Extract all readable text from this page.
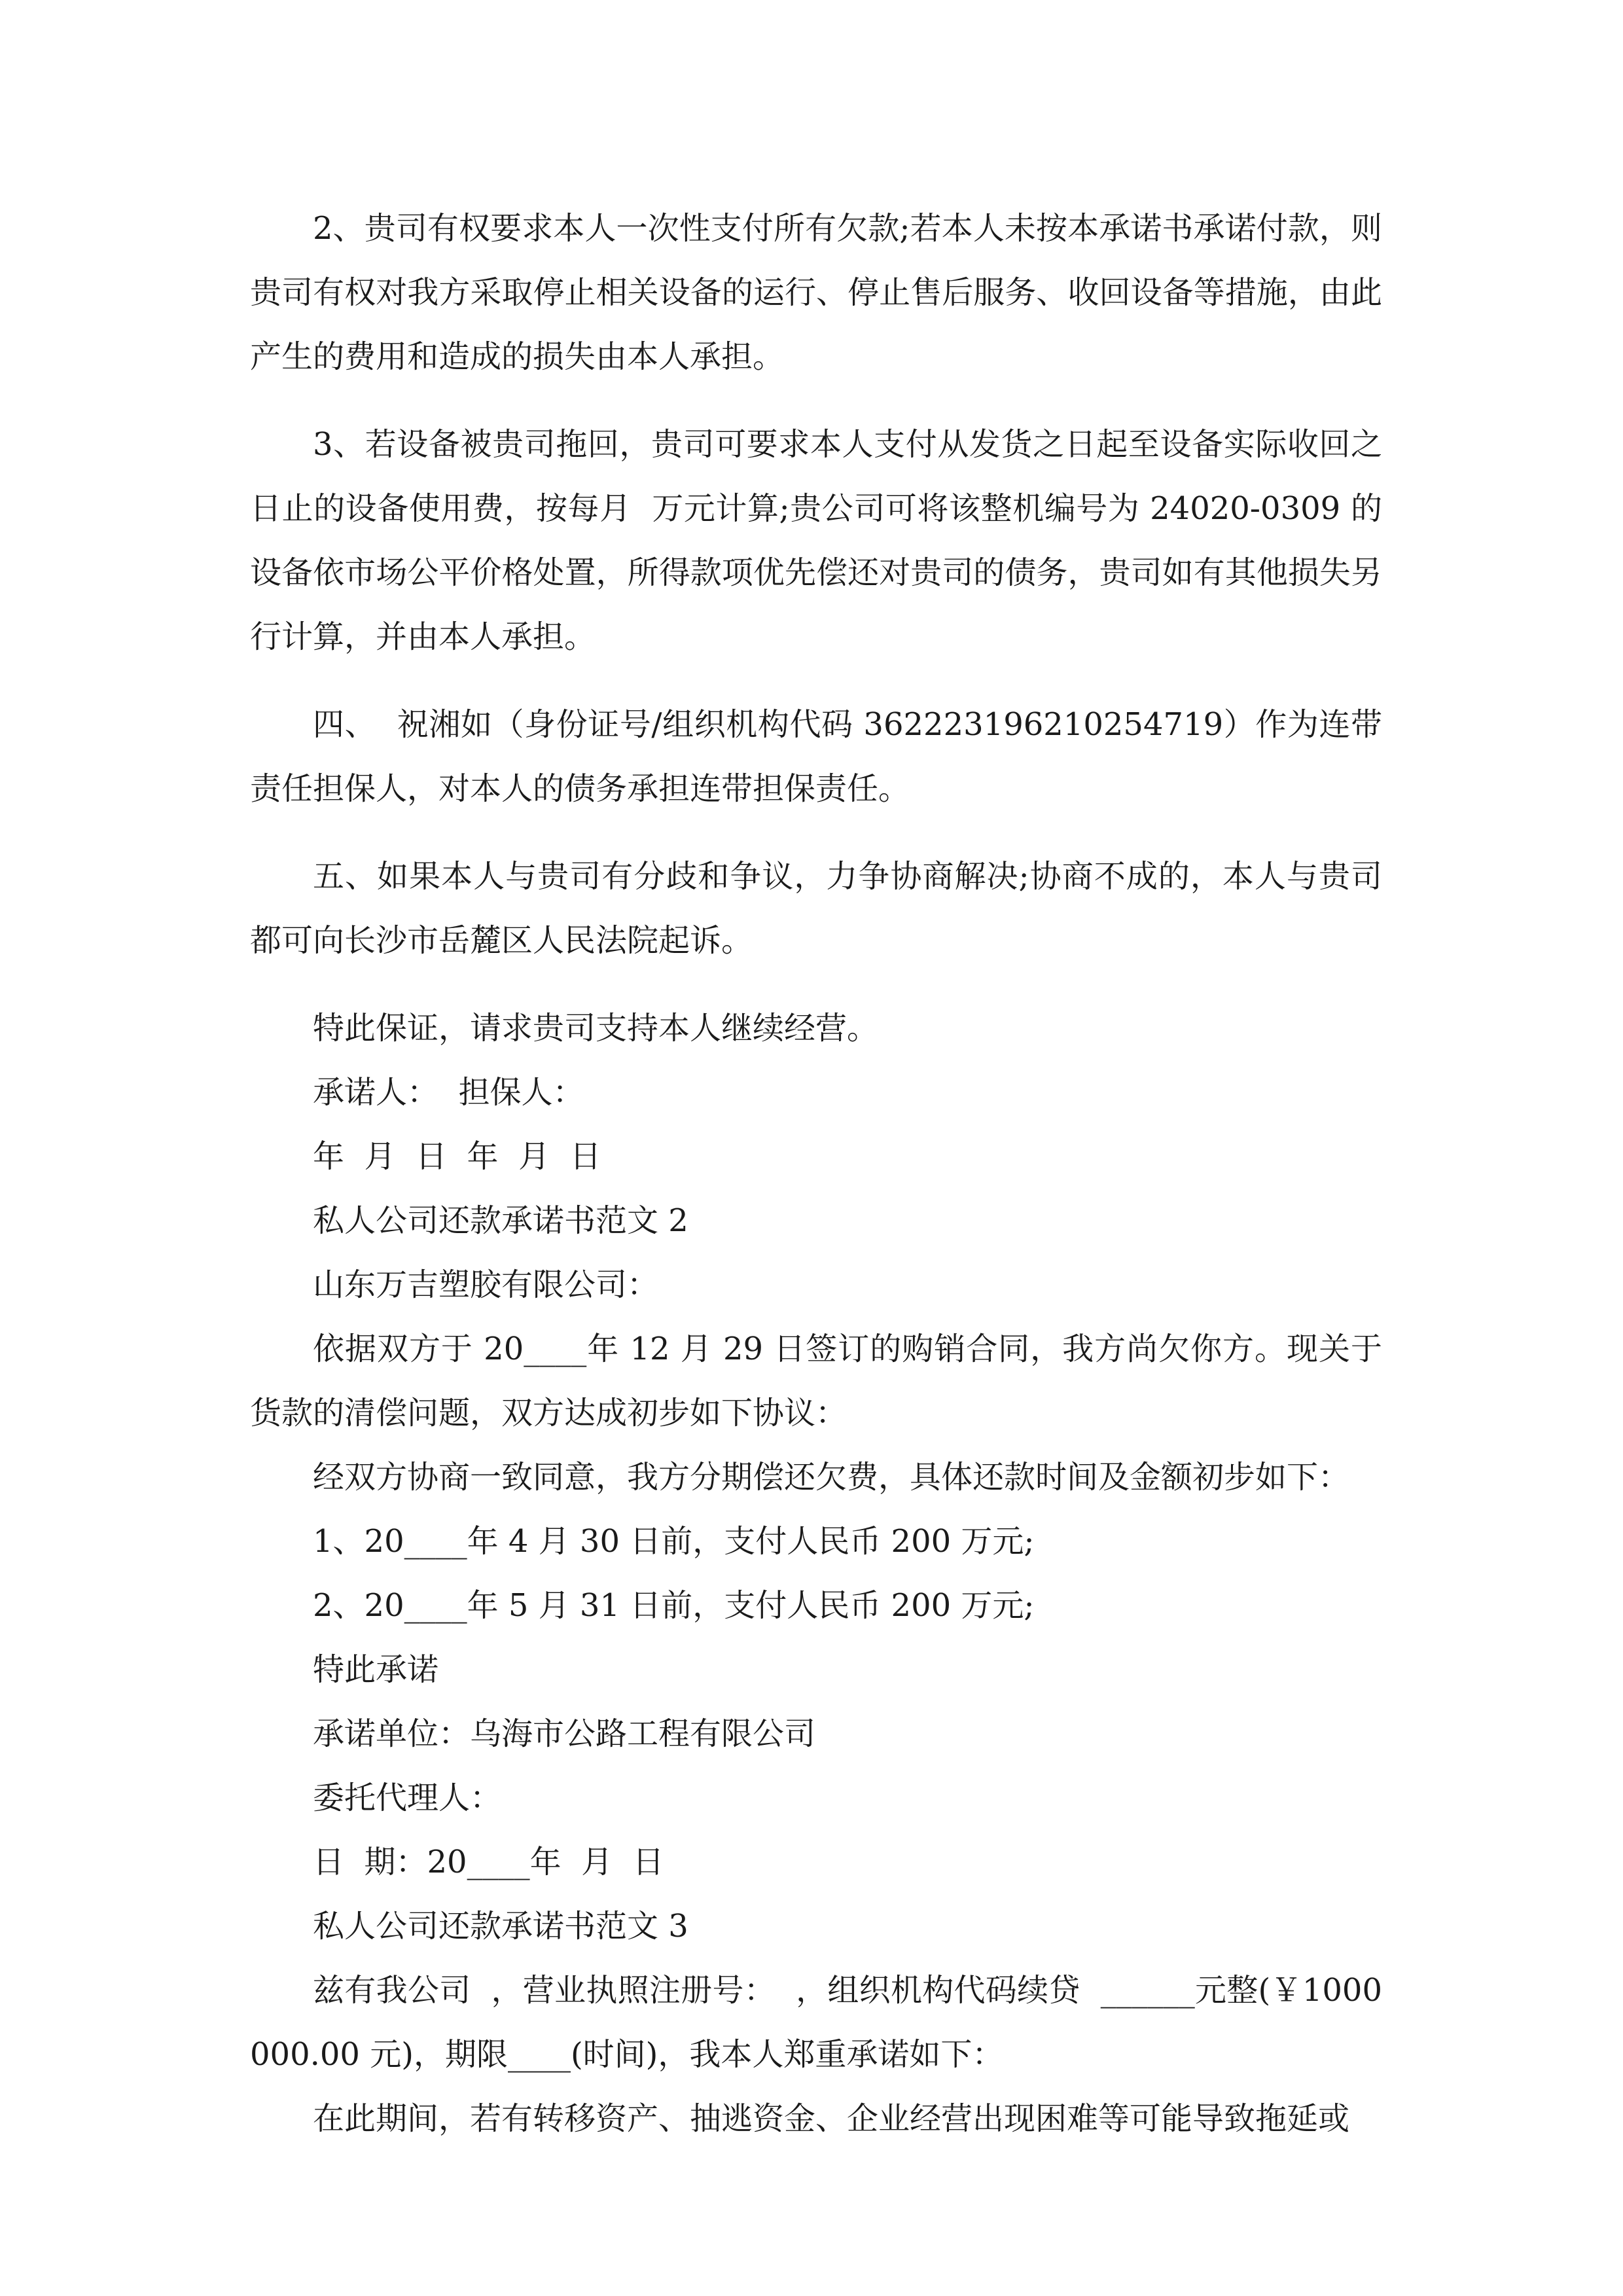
2、贵司有权要求本人一次性支付所有欠款;若本人未按本承诺书承诺付款，则贵司有权对我方采取停止相关设备的运行、停止售后服务、收回设备等措施，由此产生的费用和造成的损失由本人承担。

3、若设备被贵司拖回，贵司可要求本人支付从发货之日起至设备实际收回之日止的设备使用费，按每月  万元计算;贵公司可将该整机编号为 24020-0309 的  设备依市场公平价格处置，所得款项优先偿还对贵司的债务，贵司如有其他损失另行计算，并由本人承担。

四、  祝湘如（身份证号/组织机构代码 362223196210254719）作为连带责任担保人，对本人的债务承担连带担保责任。

五、如果本人与贵司有分歧和争议，力争协商解决;协商不成的，本人与贵司都可向长沙市岳麓区人民法院起诉。

特此保证，请求贵司支持本人继续经营。
承诺人：  担保人：
年  月  日  年  月  日
私人公司还款承诺书范文 2
山东万吉塑胶有限公司：

依据双方于 20____年 12 月 29 日签订的购销合同，我方尚欠你方。现关于货款的清偿问题，双方达成初步如下协议：

经双方协商一致同意，我方分期偿还欠费，具体还款时间及金额初步如下：
1、20____年 4 月 30 日前，支付人民币 200 万元;
2、20____年 5 月 31 日前，支付人民币 200 万元;
特此承诺
承诺单位：乌海市公路工程有限公司
委托代理人：
日  期：20____年  月  日
私人公司还款承诺书范文 3

兹有我公司  ，营业执照注册号：  ，组织机构代码续贷  ______元整(￥1000000.00 元)，期限____(时间)，我本人郑重承诺如下：

在此期间，若有转移资产、抽逃资金、企业经营出现困难等可能导致拖延或
